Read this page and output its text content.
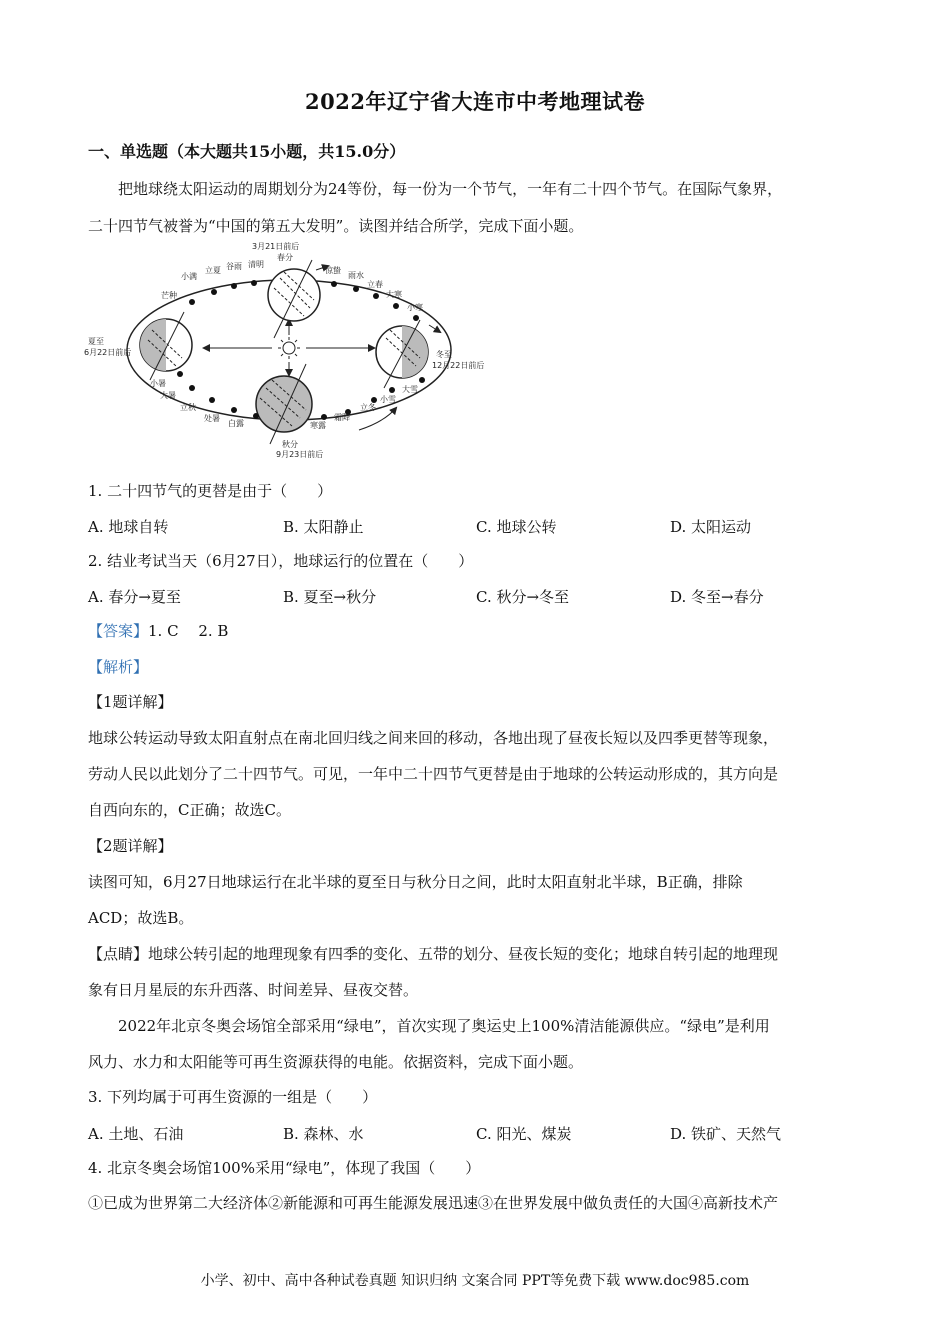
2022年辽宁省大连市中考地理试卷
一、单选题（本大题共15小题，共15.0分）
把地球绕太阳运动的周期划分为24等份，每一份为一个节气，一年有二十四个节气。在国际气象界，
二十四节气被誉为“中国的第五大发明”。读图并结合所学，完成下面小题。
3月21日前后
春分
夏至
6月22日前后
秋分
9月23日前后
冬至
12月22日前后
小满
立夏 谷雨 清明
惊蛰
雨水
立春
大寒
小寒
芒种
小暑
大暑
立秋
处暑
白露	寒露
霜降
立冬
小雪
大雪
1. 二十四节气的更替是由于（　　）
A. 地球自转	B. 太阳静止	C. 地球公转	D. 太阳运动
2. 结业考试当天（6月27日），地球运行的位置在（　　）
A. 春分→夏至	B. 夏至→秋分	C. 秋分→冬至	D. 冬至→春分
【答案】1. C　 2. B
【解析】
【1题详解】
地球公转运动导致太阳直射点在南北回归线之间来回的移动，各地出现了昼夜长短以及四季更替等现象，
劳动人民以此划分了二十四节气。可见，一年中二十四节气更替是由于地球的公转运动形成的，其方向是
自西向东的，C正确；故选C。
【2题详解】
读图可知，6月27日地球运行在北半球的夏至日与秋分日之间，此时太阳直射北半球，B正确，排除
ACD；故选B。
【点睛】地球公转引起的地理现象有四季的变化、五带的划分、昼夜长短的变化；地球自转引起的地理现
象有日月星辰的东升西落、时间差异、昼夜交替。
2022年北京冬奥会场馆全部采用“绿电”，首次实现了奥运史上100%清洁能源供应。“绿电”是利用
风力、水力和太阳能等可再生资源获得的电能。依据资料，完成下面小题。
3. 下列均属于可再生资源的一组是（　　）
A. 土地、石油	B. 森林、水	C. 阳光、煤炭	D. 铁矿、天然气
4. 北京冬奥会场馆100%采用“绿电”，体现了我国（　　）
①已成为世界第二大经济体②新能源和可再生能源发展迅速③在世界发展中做负责任的大国④高新技术产
小学、初中、高中各种试卷真题 知识归纳 文案合同 PPT等免费下载 www.doc985.com
